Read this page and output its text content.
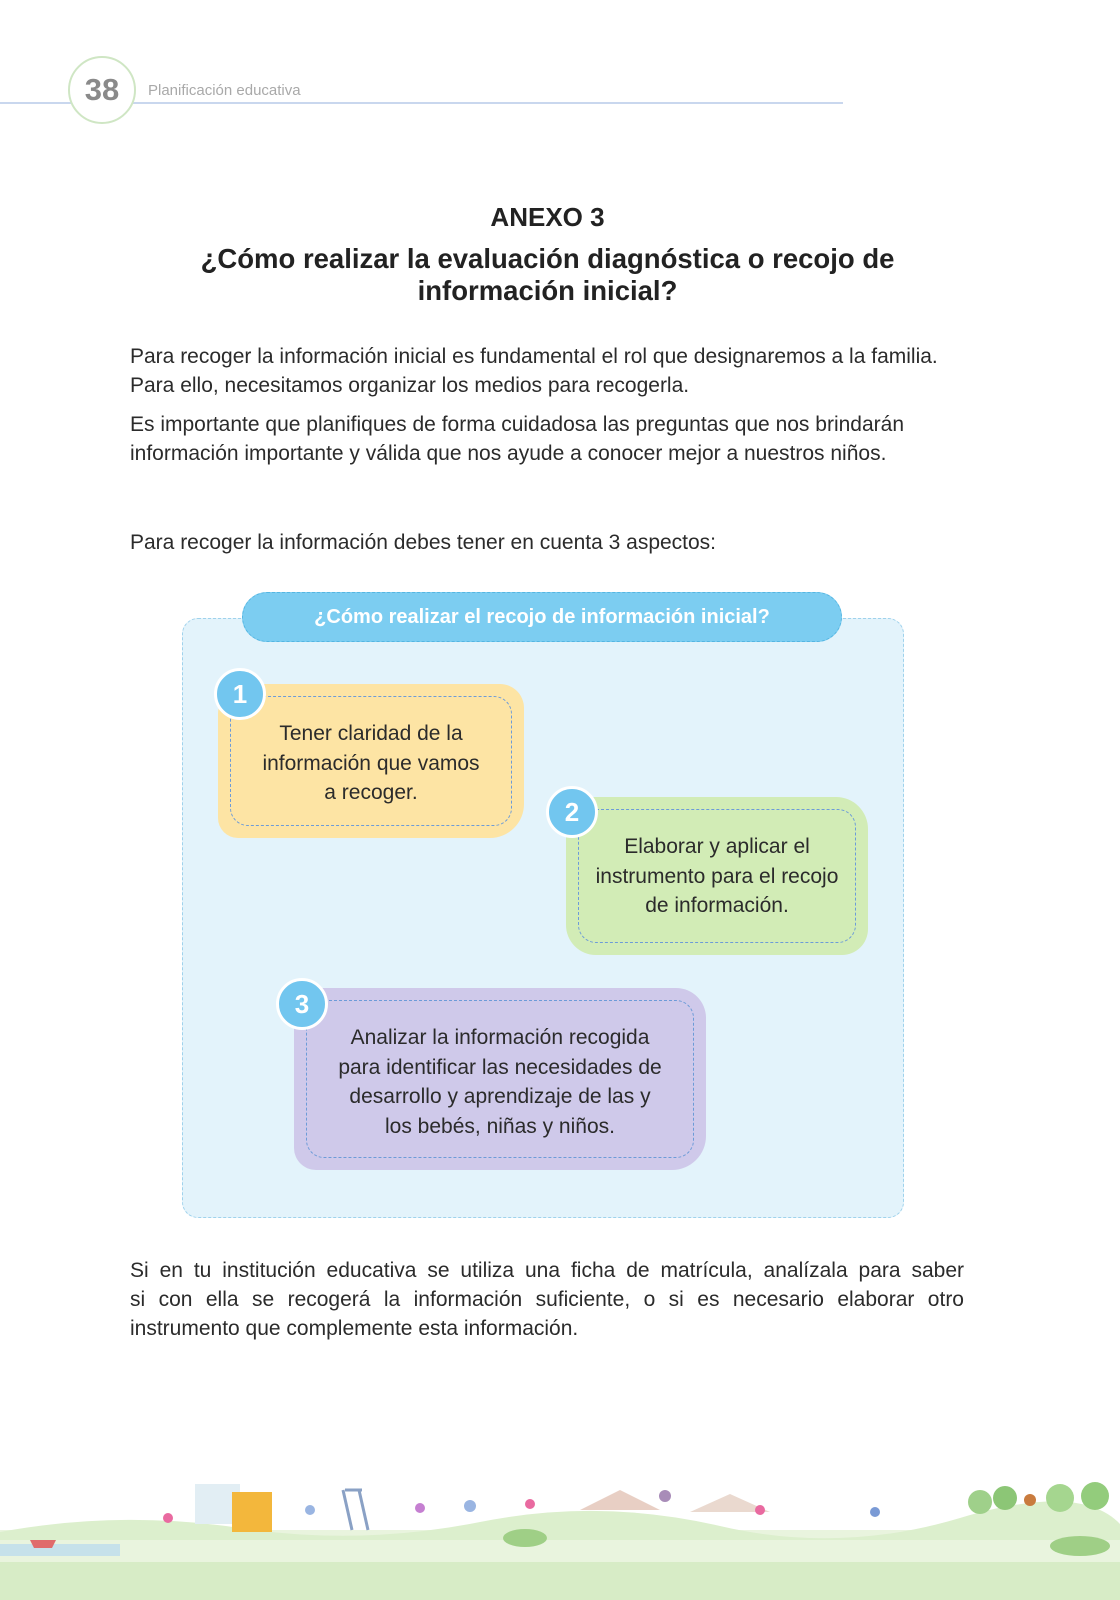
38	Planificación educativa
ANEXO 3
¿Cómo realizar la evaluación diagnóstica o recojo de
información inicial?
Para recoger la información inicial es fundamental el rol que designaremos a la familia.
Para ello, necesitamos organizar los medios para recogerla.
Es importante que planifiques de forma cuidadosa las preguntas que nos brindarán
información importante y válida que nos ayude a conocer mejor a nuestros niños.
Para recoger la información debes tener en cuenta 3 aspectos:
¿Cómo realizar el recojo de información inicial?
Tener claridad de la
información que vamos
a recoger.
1
Elaborar y aplicar el
instrumento para el recojo
de información.
2
Analizar la información recogida
para identificar las necesidades de
desarrollo y aprendizaje de las y
los bebés, niñas y niños.
3
Si en tu institución educativa se utiliza una ficha de matrícula, analízala para saber
si con ella se recogerá la información suficiente, o si es necesario elaborar otro
instrumento que complemente esta información.
